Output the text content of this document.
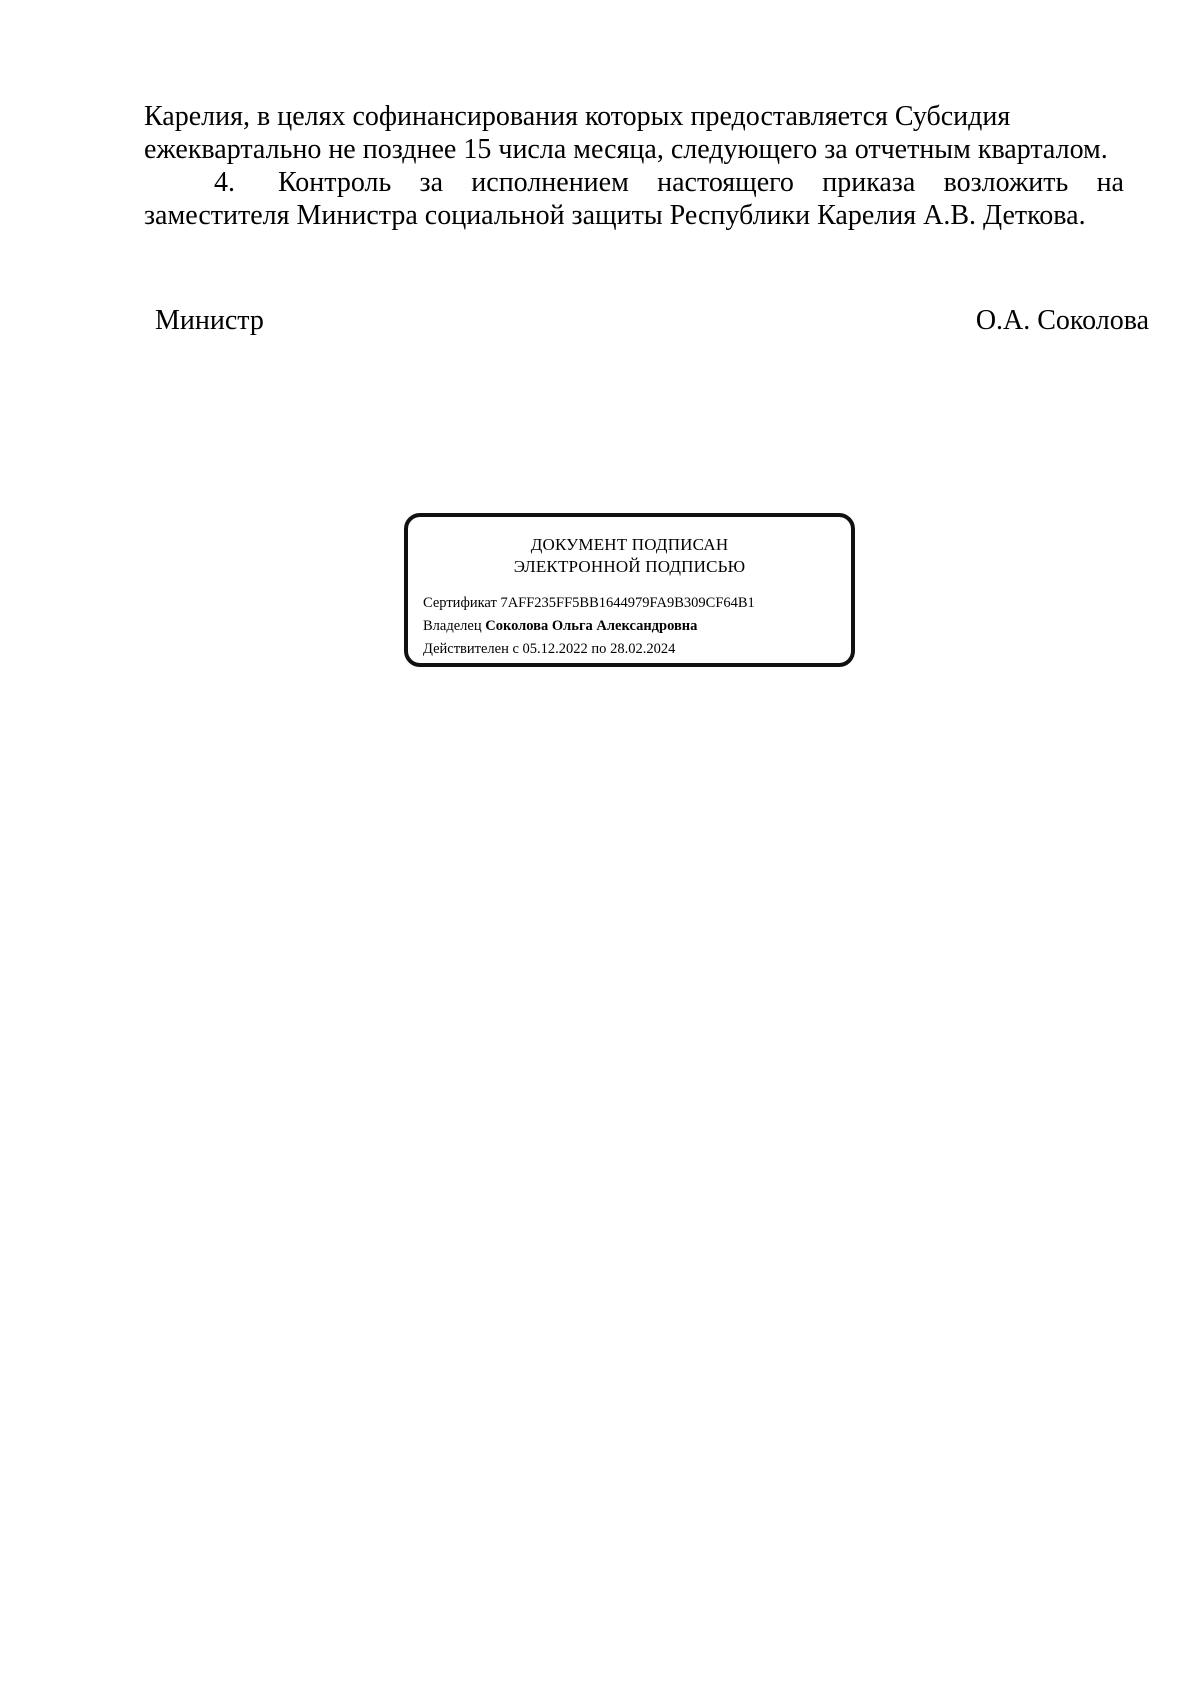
Карелия, в целях софинансирования которых предоставляется Субсидия
ежеквартально не позднее 15 числа месяца, следующего за отчетным кварталом.

4. Контроль за исполнением настоящего приказа возложить на заместителя Министра социальной защиты Республики Карелия А.В. Деткова.

Министр	О.А. Соколова
ДОКУМЕНТ ПОДПИСАН
ЭЛЕКТРОННОЙ ПОДПИСЬЮ
Сертификат 7AFF235FF5BB1644979FA9B309CF64B1
Владелец Соколова Ольга Александровна
Действителен с 05.12.2022 по 28.02.2024
